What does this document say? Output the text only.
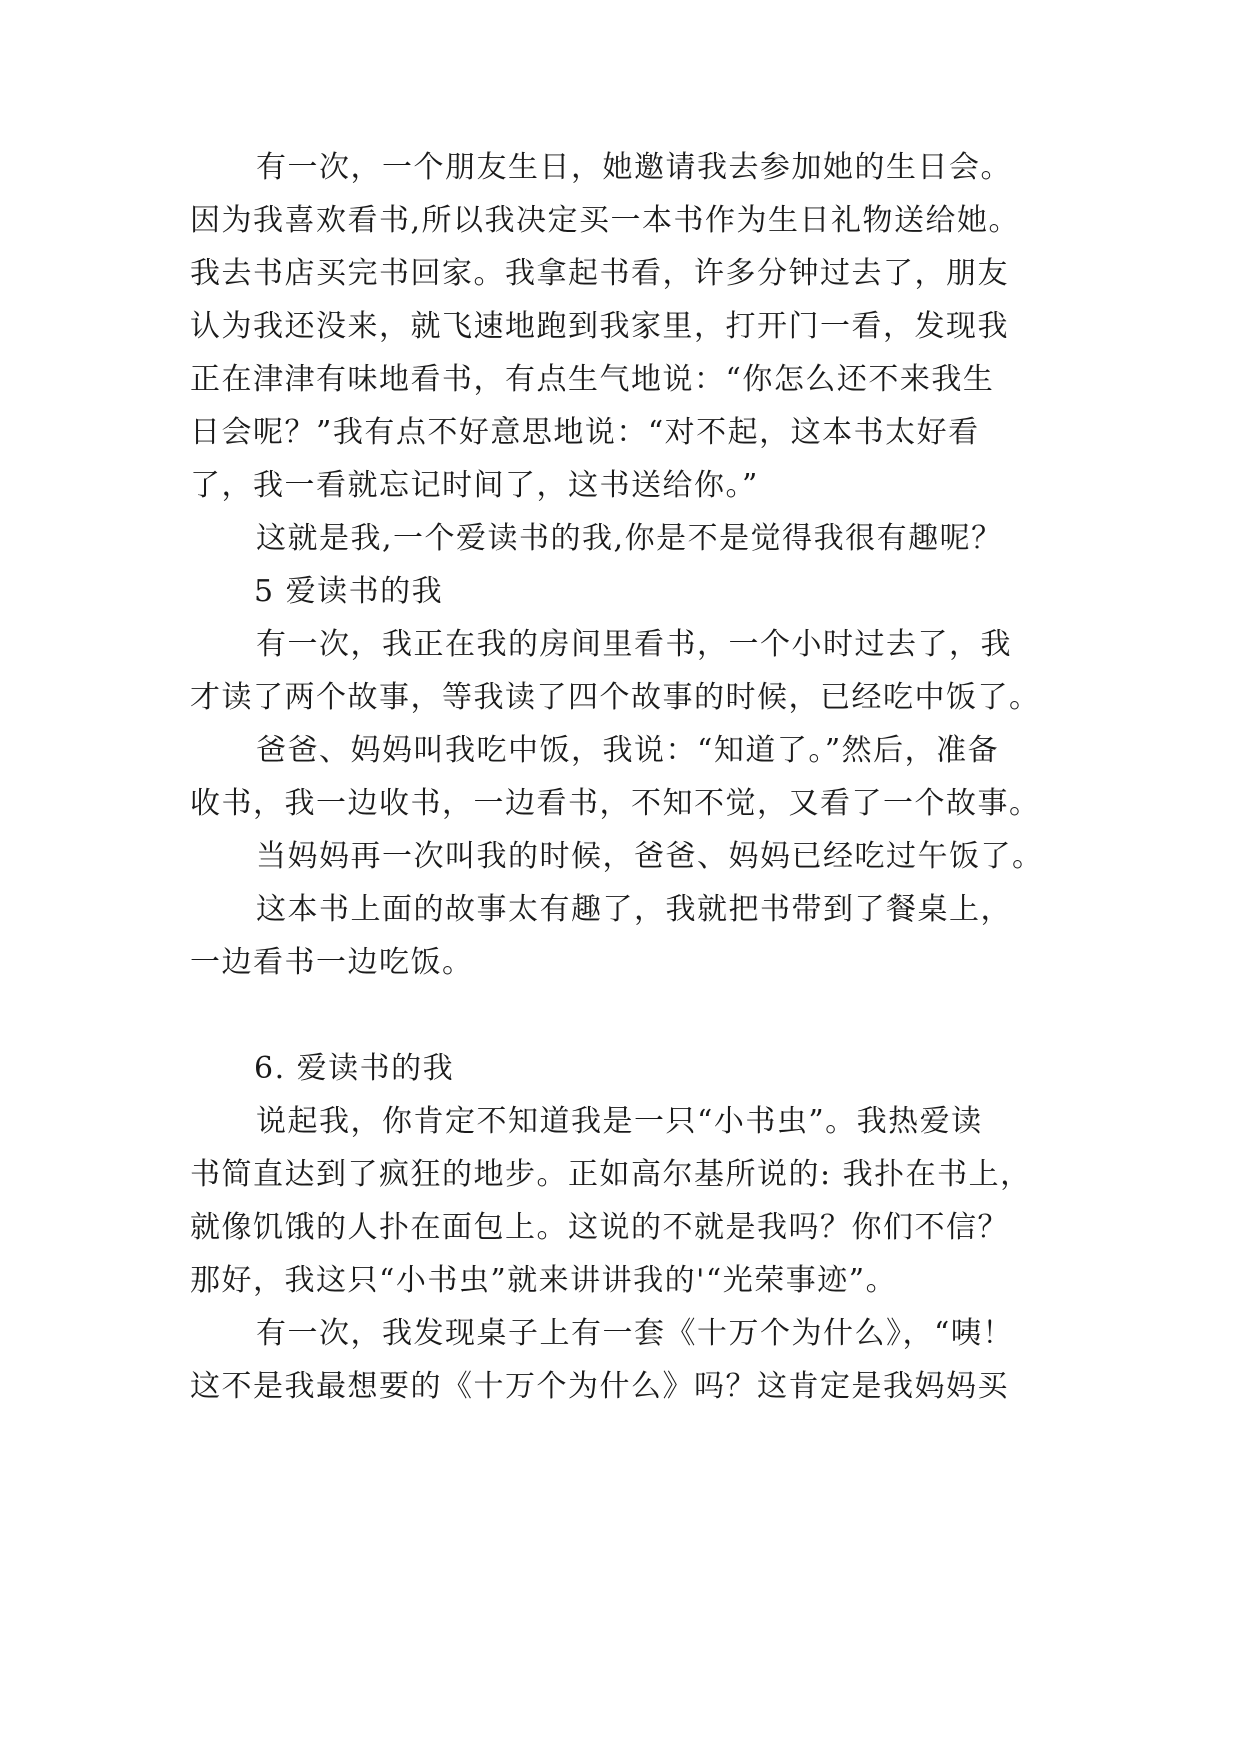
有一次，一个朋友生日，她邀请我去参加她的生日会。
因为我喜欢看书,所以我决定买一本书作为生日礼物送给她。
我去书店买完书回家。我拿起书看，许多分钟过去了，朋友
认为我还没来，就飞速地跑到我家里，打开门一看，发现我
正在津津有味地看书，有点生气地说：“你怎么还不来我生
日会呢？”我有点不好意思地说：“对不起，这本书太好看
了，我一看就忘记时间了，这书送给你。”
这就是我,一个爱读书的我,你是不是觉得我很有趣呢？
5 爱读书的我
有一次，我正在我的房间里看书，一个小时过去了，我
才读了两个故事，等我读了四个故事的时候，已经吃中饭了。
爸爸、妈妈叫我吃中饭，我说：“知道了。”然后，准备
收书，我一边收书，一边看书，不知不觉，又看了一个故事。
当妈妈再一次叫我的时候，爸爸、妈妈已经吃过午饭了。
这本书上面的故事太有趣了，我就把书带到了餐桌上，
一边看书一边吃饭。
6. 爱读书的我
说起我，你肯定不知道我是一只“小书虫”。我热爱读
书简直达到了疯狂的地步。正如高尔基所说的: 我扑在书上，
就像饥饿的人扑在面包上。这说的不就是我吗？你们不信？
那好，我这只“小书虫”就来讲讲我的'“光荣事迹”。
有一次，我发现桌子上有一套《十万个为什么》，“咦！
这不是我最想要的《十万个为什么》吗？这肯定是我妈妈买
